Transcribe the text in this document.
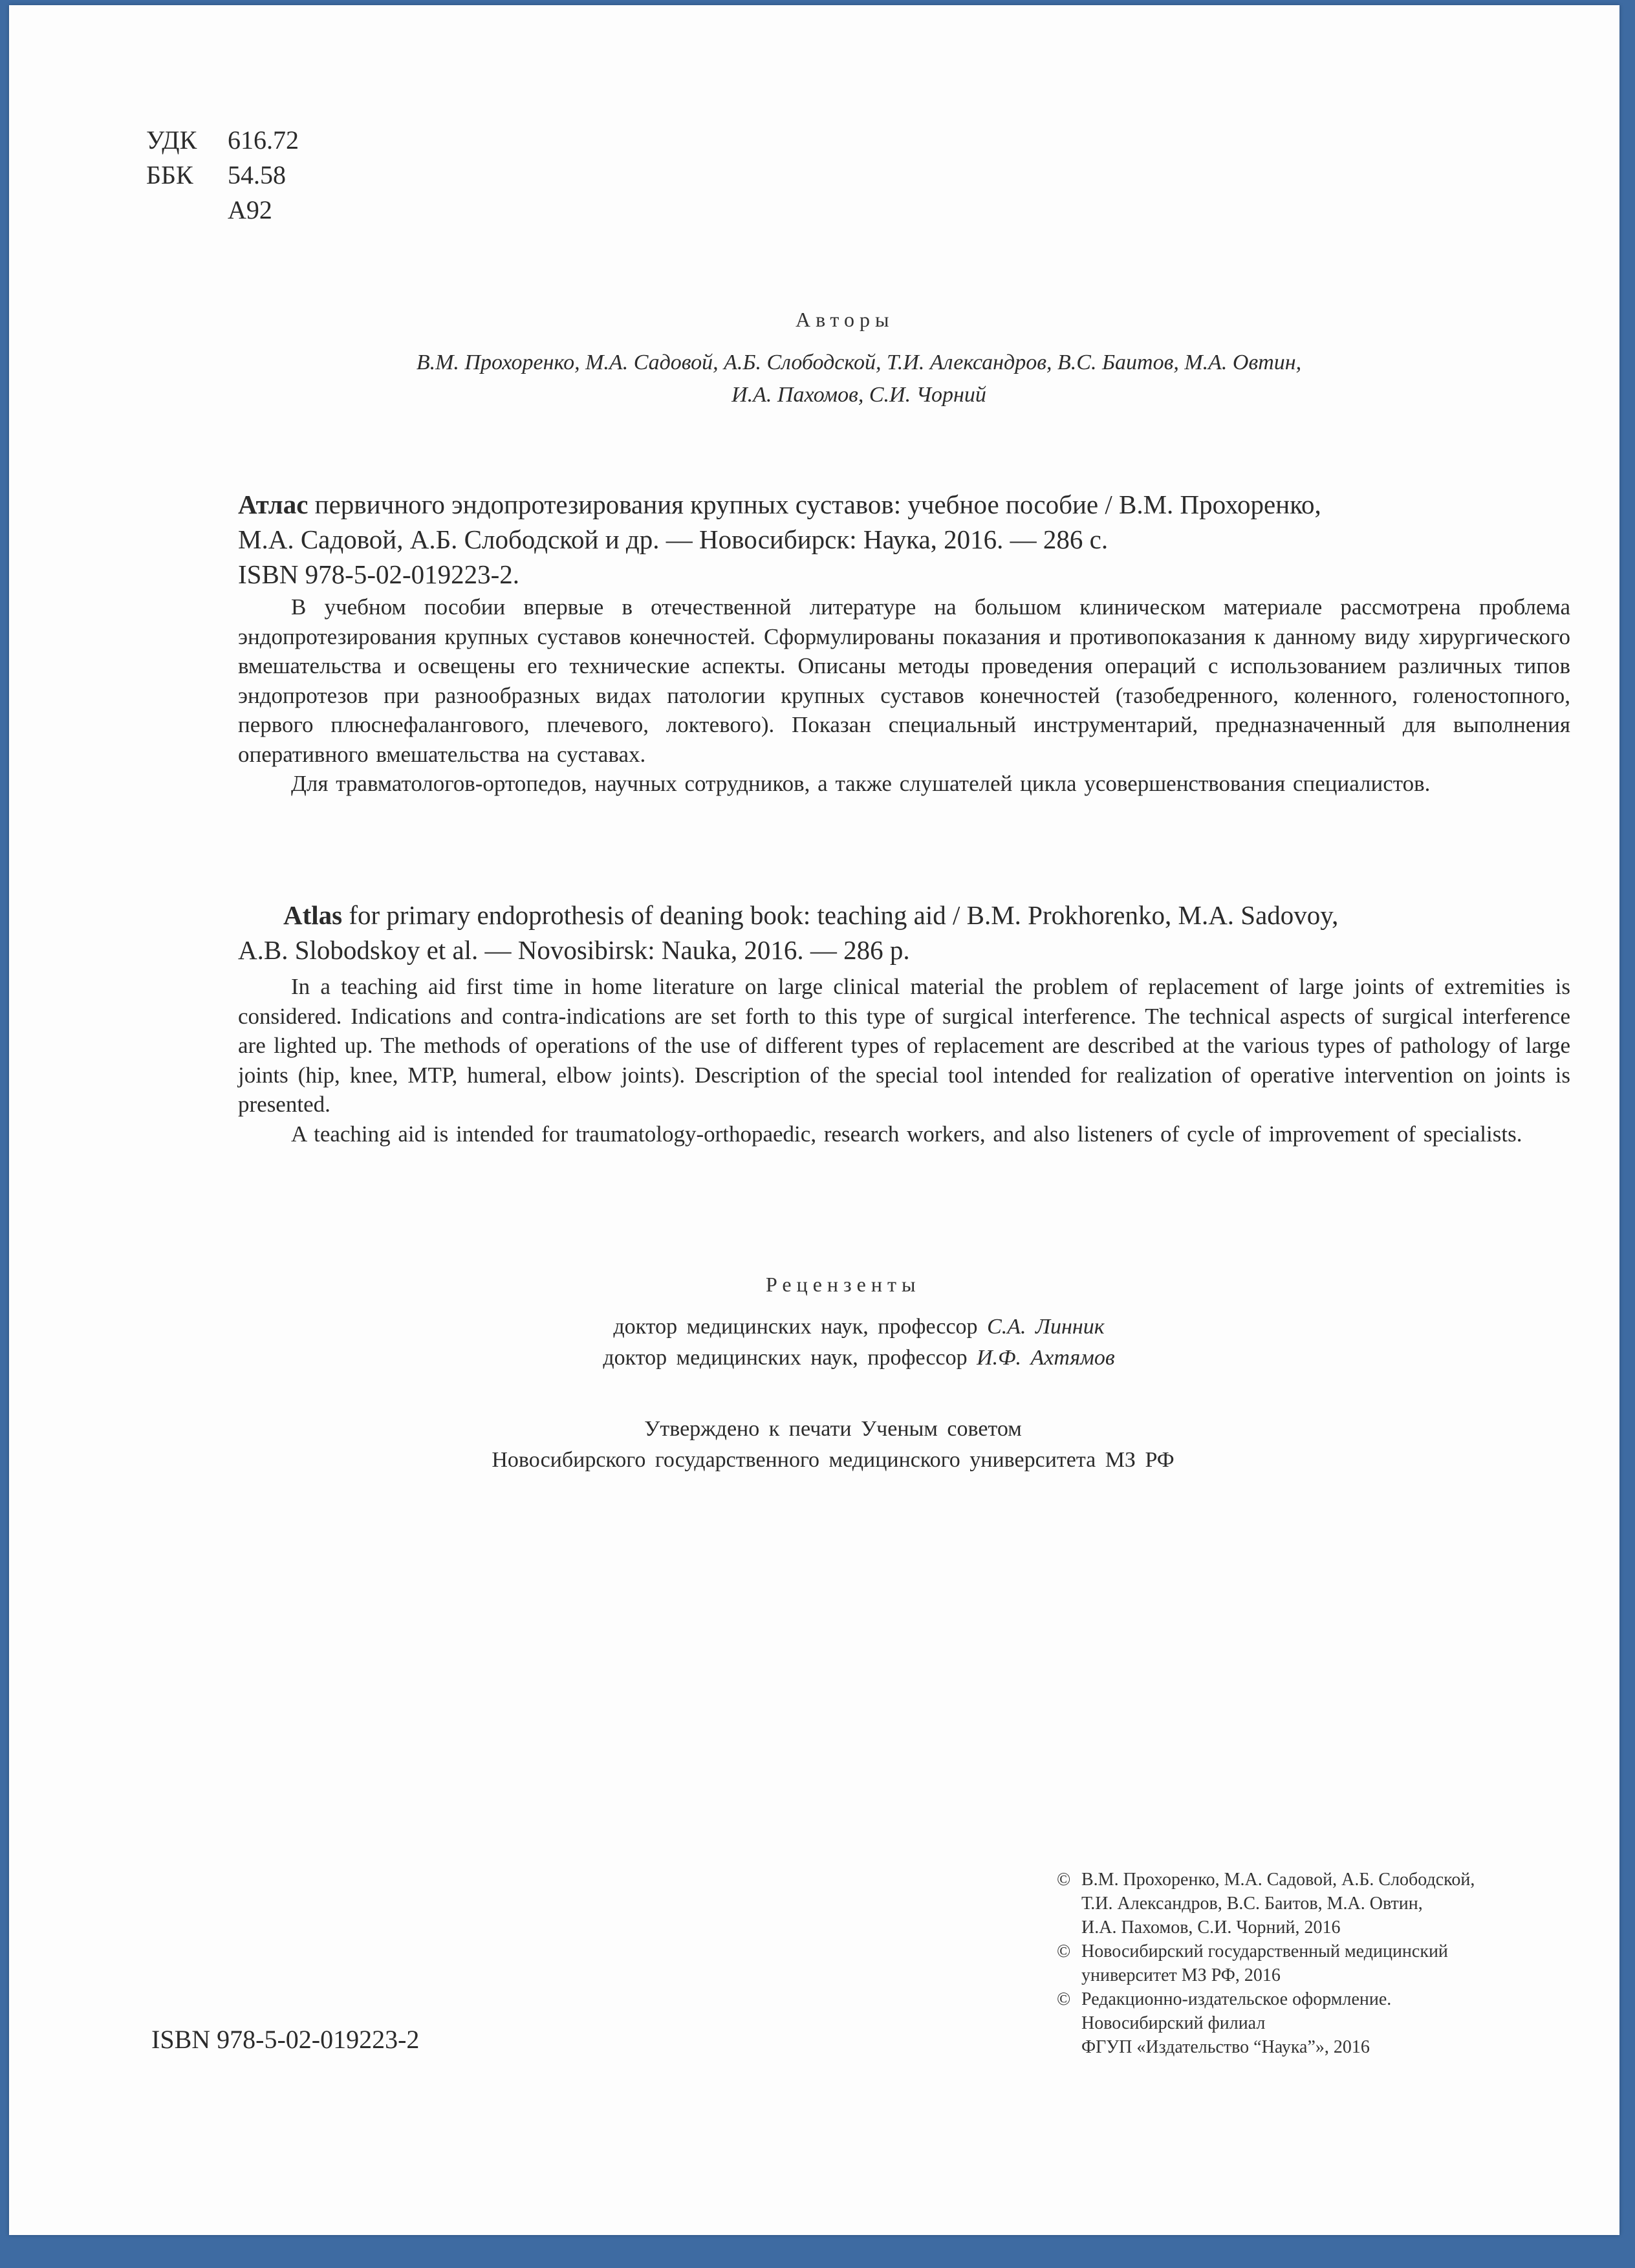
УДК 616.72
ББК 54.58
А92
Авторы
В.М. Прохоренко, М.А. Садовой, А.Б. Слободской, Т.И. Александров, В.С. Баитов, М.А. Овтин,
И.А. Пахомов, С.И. Чорний
Атлас первичного эндопротезирования крупных суставов: учебное пособие / В.М. Прохоренко,
М.А. Садовой, А.Б. Слободской и др. — Новосибирск: Наука, 2016. — 286 с.
ISBN 978-5-02-019223-2.

В учебном пособии впервые в отечественной литературе на большом клиническом материале рассмотрена проблема эндопротезирования крупных суставов конечностей. Сформулированы показания и противопоказания к данному виду хирургического вмешательства и освещены его технические аспекты. Описаны методы проведения операций с использованием различных типов эндопротезов при разнообразных видах патологии крупных суставов конечностей (тазобедренного, коленного, голеностопного, первого плюснефалангового, плечевого, локтевого). Показан специальный инструментарий, предназначенный для выполнения оперативного вмешательства на суставах.

Для травматологов-ортопедов, научных сотрудников, а также слушателей цикла усовершенствования специалистов.

Atlas for primary endoprothesis of deaning book: teaching aid / B.M. Prokhorenko, M.A. Sadovoy,
A.B. Slobodskoy et al. — Novosibirsk: Nauka, 2016. — 286 p.

In a teaching aid first time in home literature on large clinical material the problem of replacement of large joints of extremities is considered. Indications and contra-indications are set forth to this type of surgical interference. The technical aspects of surgical interference are lighted up. The methods of operations of the use of different types of replacement are described at the various types of pathology of large joints (hip, knee, MTP, humeral, elbow joints). Description of the special tool intended for realization of operative intervention on joints is presented.

A teaching aid is intended for traumatology-orthopaedic, research workers, and also listeners of cycle of improvement of specialists.

Рецензенты
доктор медицинских наук, профессор С.А. Линник
доктор медицинских наук, профессор И.Ф. Ахтямов
Утверждено к печати Ученым советом
Новосибирского государственного медицинского университета МЗ РФ
© В.М. Прохоренко, М.А. Садовой, А.Б. Слободской,
Т.И. Александров, В.С. Баитов, М.А. Овтин,
И.А. Пахомов, С.И. Чорний, 2016
© Новосибирский государственный медицинский
университет МЗ РФ, 2016
© Редакционно-издательское оформление.
Новосибирский филиал
ФГУП «Издательство “Наука”», 2016
ISBN 978-5-02-019223-2
